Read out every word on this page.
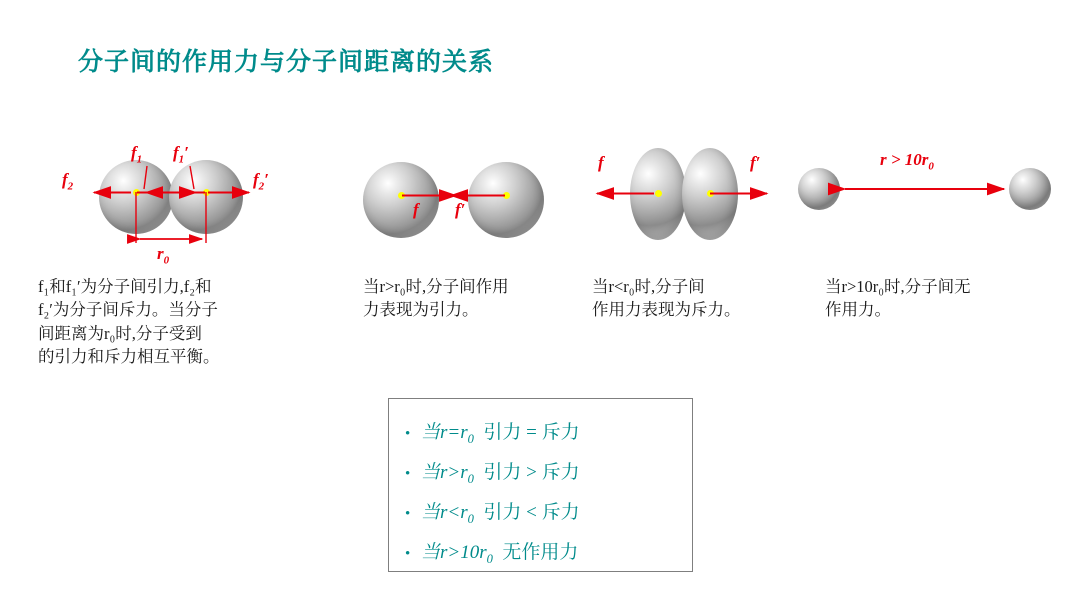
分子间的作用力与分子间距离的关系
$f_1$ $f_1'$
$f_2$	$f_2'$
$r_0$
f₁和f₁′为分子间引力,f₂和
f₂′为分子间斥力。当分子
间距离为r₀时,分子受到
的引力和斥力相互平衡。
f f′
当r>r₀时,分子间作用
力表现为引力。
f	f′
当r<r₀时,分子间
作用力表现为斥力。
$r > 10r_0$
当r>10r₀时,分子间无
作用力。
• 当$r=r_0$ 引力 = 斥力
• 当$r>r_0$ 引力 > 斥力
• 当$r<r_0$ 引力 < 斥力
• 当$r>10r_0$ 无作用力
